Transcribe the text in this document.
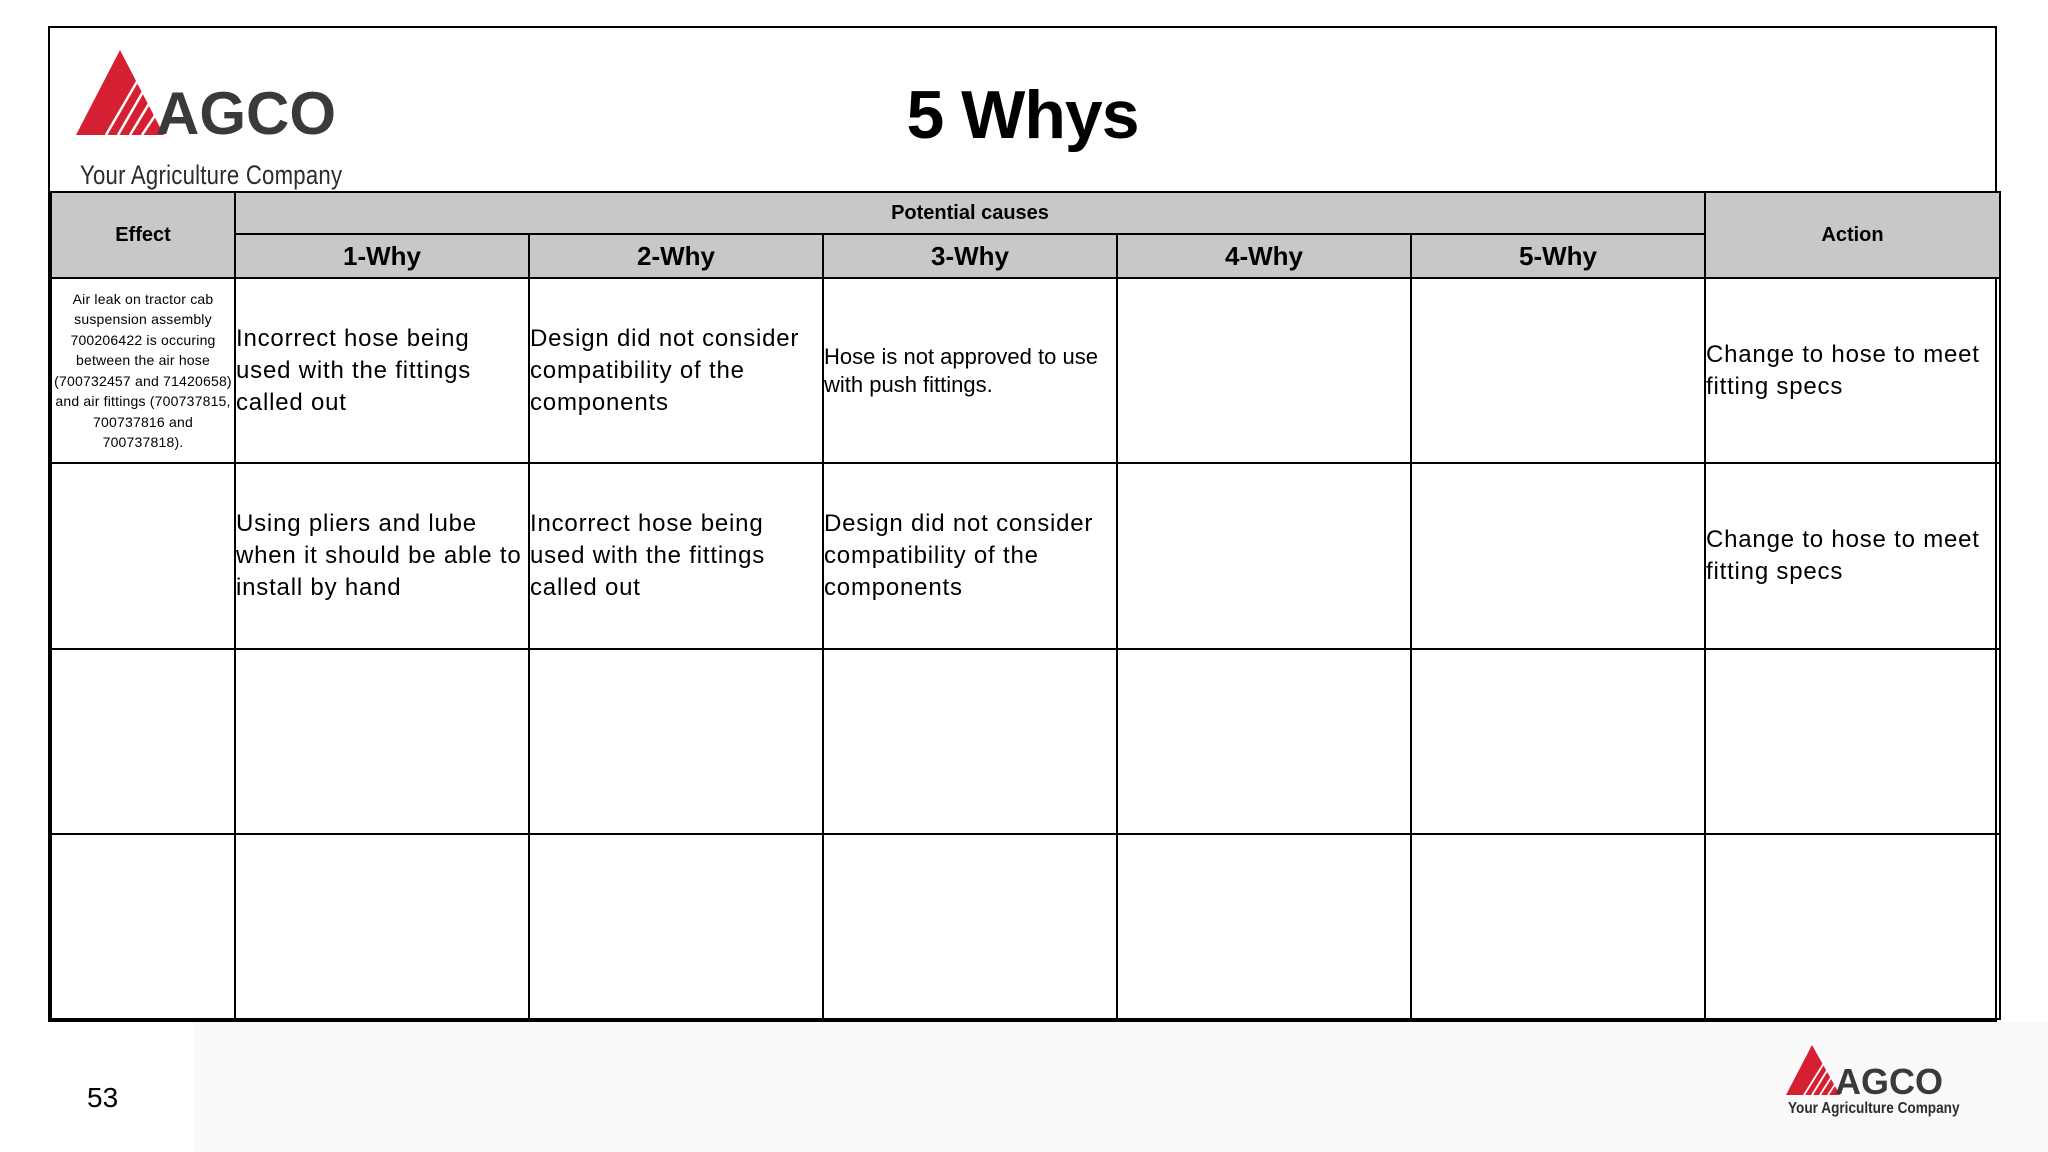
AGCO
Your Agriculture Company
5 Whys
Effect	Potential causes					Action
	1-Why	2-Why	3-Why	4-Why	5-Why	
Air leak on tractor cab suspension assembly 700206422 is occuring between the air hose (700732457 and 71420658) and air fittings (700737815, 700737816 and 700737818).	Incorrect hose being used with the fittings called out	Design did not consider compatibility of the components	Hose is not approved to use with push fittings.			Change to hose to meet fitting specs
	Using pliers and lube when it should be able to install by hand	Incorrect hose being used with the fittings called out	Design did not consider compatibility of the components			Change to hose to meet fitting specs

53	AGCO
Your Agriculture Company
